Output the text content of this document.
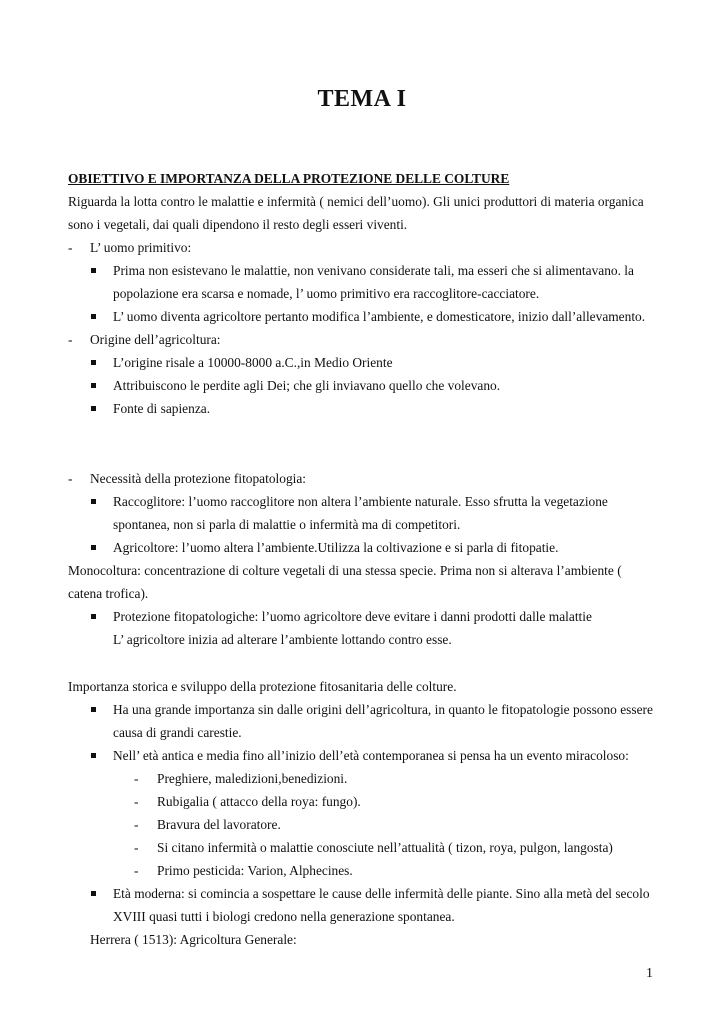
TEMA I
OBIETTIVO E IMPORTANZA DELLA PROTEZIONE DELLE COLTURE
Riguarda la lotta contro le malattie e infermità ( nemici dell’uomo). Gli unici produttori di materia organica
sono i vegetali, dai quali dipendono il resto degli esseri viventi.
- L’ uomo primitivo:
Prima non esistevano le malattie, non venivano considerate tali, ma esseri che si alimentavano. la
popolazione era scarsa e nomade, l’ uomo primitivo era raccoglitore-cacciatore.
L’ uomo diventa agricoltore pertanto modifica l’ambiente, e domesticatore, inizio dall’allevamento.
- Origine dell’agricoltura:
L’origine risale a 10000-8000 a.C.,in Medio Oriente
Attribuiscono le perdite agli Dei; che gli inviavano quello che volevano.
Fonte di sapienza.
- Necessità della protezione fitopatologia:
Raccoglitore: l’uomo raccoglitore non altera l’ambiente naturale. Esso sfrutta la vegetazione
spontanea, non si parla di malattie o infermità ma di competitori.
Agricoltore: l’uomo altera l’ambiente.Utilizza la coltivazione e si parla di fitopatie.
Monocoltura: concentrazione di colture vegetali di una stessa specie. Prima non si alterava l’ambiente (
catena trofica).
Protezione fitopatologiche: l’uomo agricoltore deve evitare i danni prodotti dalle malattie
L’ agricoltore inizia ad alterare l’ambiente lottando contro esse.
Importanza storica e sviluppo della protezione fitosanitaria delle colture.
Ha una grande importanza sin dalle origini dell’agricoltura, in quanto le fitopatologie possono essere
causa di grandi carestie.
Nell’ età antica e media fino all’inizio dell’età contemporanea si pensa ha un evento miracoloso:
- Preghiere, maledizioni,benedizioni.
- Rubigalia ( attacco della roya: fungo).
- Bravura del lavoratore.
- Si citano infermità o malattie conosciute nell’attualità ( tizon, roya, pulgon, langosta)
- Primo pesticida: Varion, Alphecines.
Età moderna: si comincia a sospettare le cause delle infermità delle piante. Sino alla metà del secolo
XVIII quasi tutti i biologi credono nella generazione spontanea.
Herrera ( 1513): Agricoltura Generale:
1
